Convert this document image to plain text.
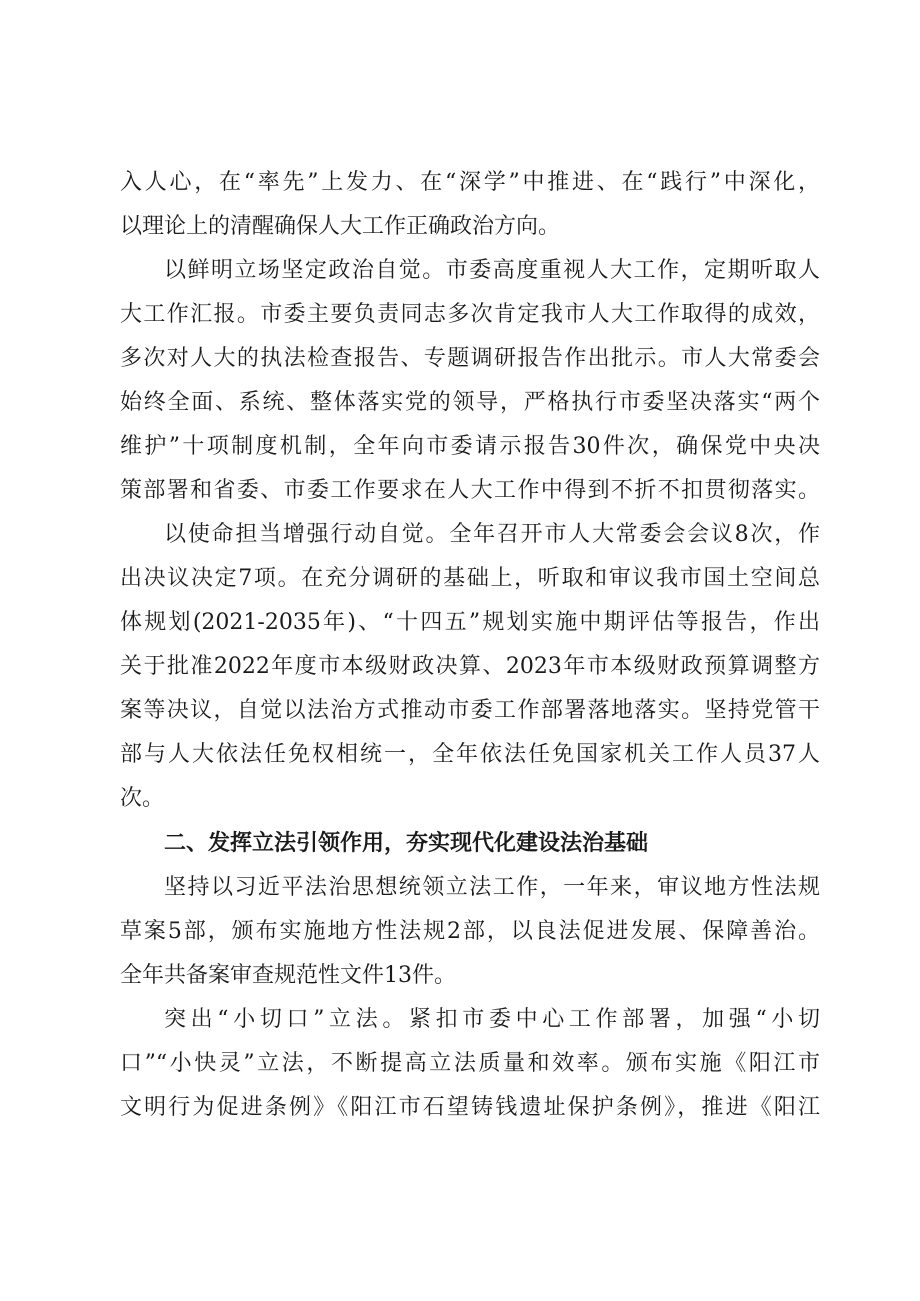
入人心，在“率先”上发力、在“深学”中推进、在“践行”中深化，
以理论上的清醒确保人大工作正确政治方向。
以鲜明立场坚定政治自觉。市委高度重视人大工作，定期听取人
大工作汇报。市委主要负责同志多次肯定我市人大工作取得的成效，
多次对人大的执法检查报告、专题调研报告作出批示。市人大常委会
始终全面、系统、整体落实党的领导，严格执行市委坚决落实“两个
维护”十项制度机制，全年向市委请示报告30件次，确保党中央决
策部署和省委、市委工作要求在人大工作中得到不折不扣贯彻落实。
以使命担当增强行动自觉。全年召开市人大常委会会议8次，作
出决议决定7项。在充分调研的基础上，听取和审议我市国土空间总
体规划(2021-2035年)、“十四五”规划实施中期评估等报告，作出
关于批准2022年度市本级财政决算、2023年市本级财政预算调整方
案等决议，自觉以法治方式推动市委工作部署落地落实。坚持党管干
部与人大依法任免权相统一，全年依法任免国家机关工作人员37人
次。
二、发挥立法引领作用，夯实现代化建设法治基础
坚持以习近平法治思想统领立法工作，一年来，审议地方性法规
草案5部，颁布实施地方性法规2部，以良法促进发展、保障善治。
全年共备案审查规范性文件13件。
突出“小切口”立法。紧扣市委中心工作部署，加强“小切
口”“小快灵”立法，不断提高立法质量和效率。颁布实施《阳江市
文明行为促进条例》《阳江市石望铸钱遗址保护条例》，推进《阳江
